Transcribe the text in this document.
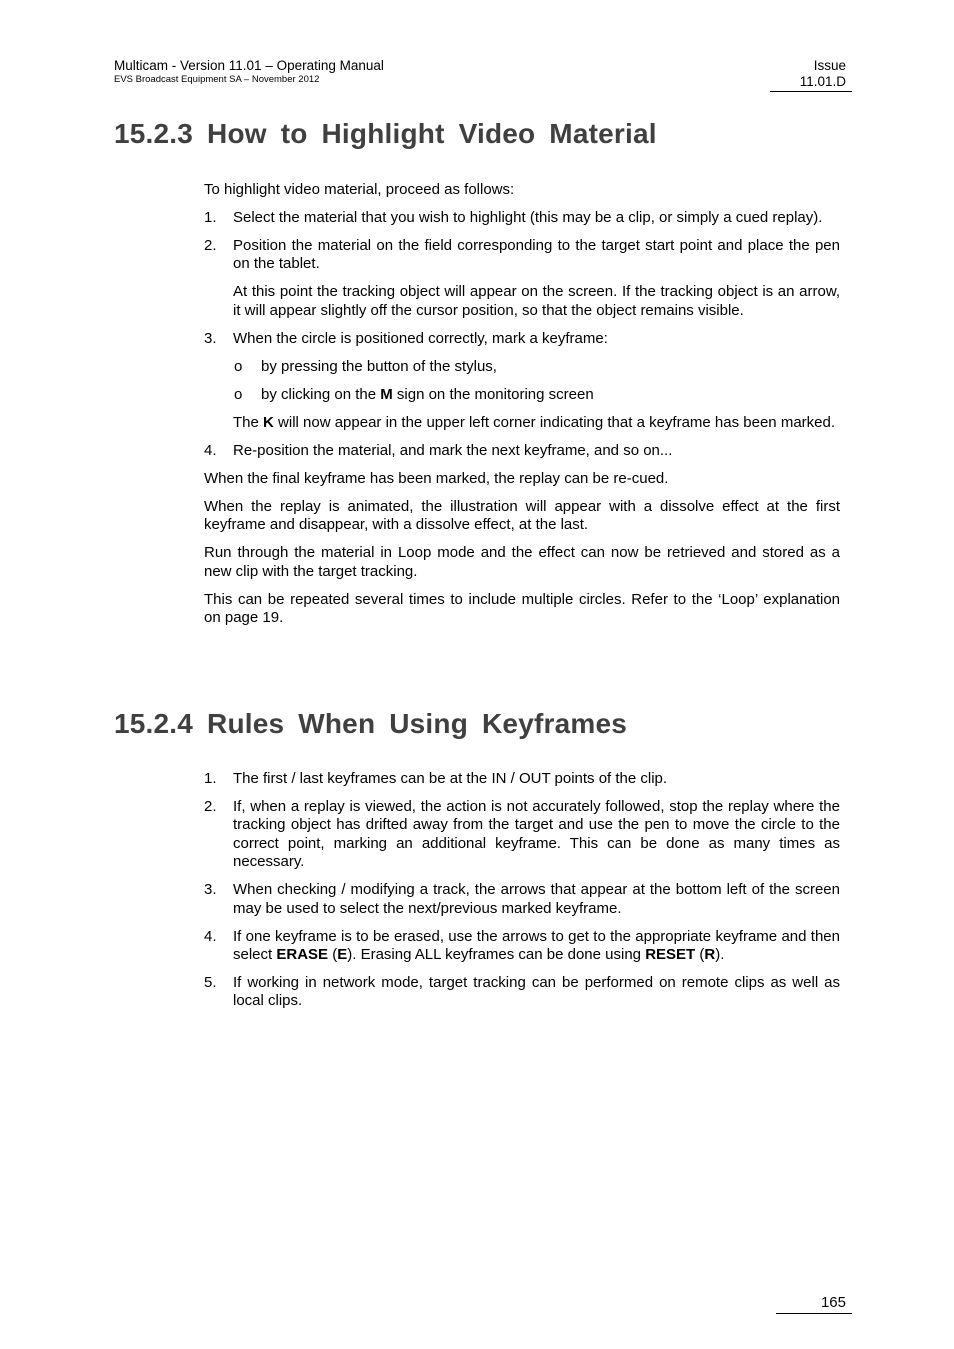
Multicam - Version 11.01 – Operating Manual
EVS Broadcast Equipment SA – November 2012
Issue
11.01.D
15.2.3 How to Highlight Video Material

To highlight video material, proceed as follows:

1. Select the material that you wish to highlight (this may be a clip, or simply a cued replay).
2. Position the material on the field corresponding to the target start point and place the pen on the tablet.

At this point the tracking object will appear on the screen. If the tracking object is an arrow, it will appear slightly off the cursor position, so that the object remains visible.

3. When the circle is positioned correctly, mark a keyframe:
o by pressing the button of the stylus,
o by clicking on the M sign on the monitoring screen

The K will now appear in the upper left corner indicating that a keyframe has been marked.

4. Re-position the material, and mark the next keyframe, and so on...

When the final keyframe has been marked, the replay can be re-cued.

When the replay is animated, the illustration will appear with a dissolve effect at the first keyframe and disappear, with a dissolve effect, at the last.

Run through the material in Loop mode and the effect can now be retrieved and stored as a new clip with the target tracking.

This can be repeated several times to include multiple circles. Refer to the ‘Loop’ explanation on page 19.

15.2.4 Rules When Using Keyframes
1. The first / last keyframes can be at the IN / OUT points of the clip.
2. If, when a replay is viewed, the action is not accurately followed, stop the replay where the tracking object has drifted away from the target and use the pen to move the circle to the correct point, marking an additional keyframe. This can be done as many times as necessary.
3. When checking / modifying a track, the arrows that appear at the bottom left of the screen may be used to select the next/previous marked keyframe.
4. If one keyframe is to be erased, use the arrows to get to the appropriate keyframe and then select ERASE (E). Erasing ALL keyframes can be done using RESET (R).
5. If working in network mode, target tracking can be performed on remote clips as well as local clips.
165
